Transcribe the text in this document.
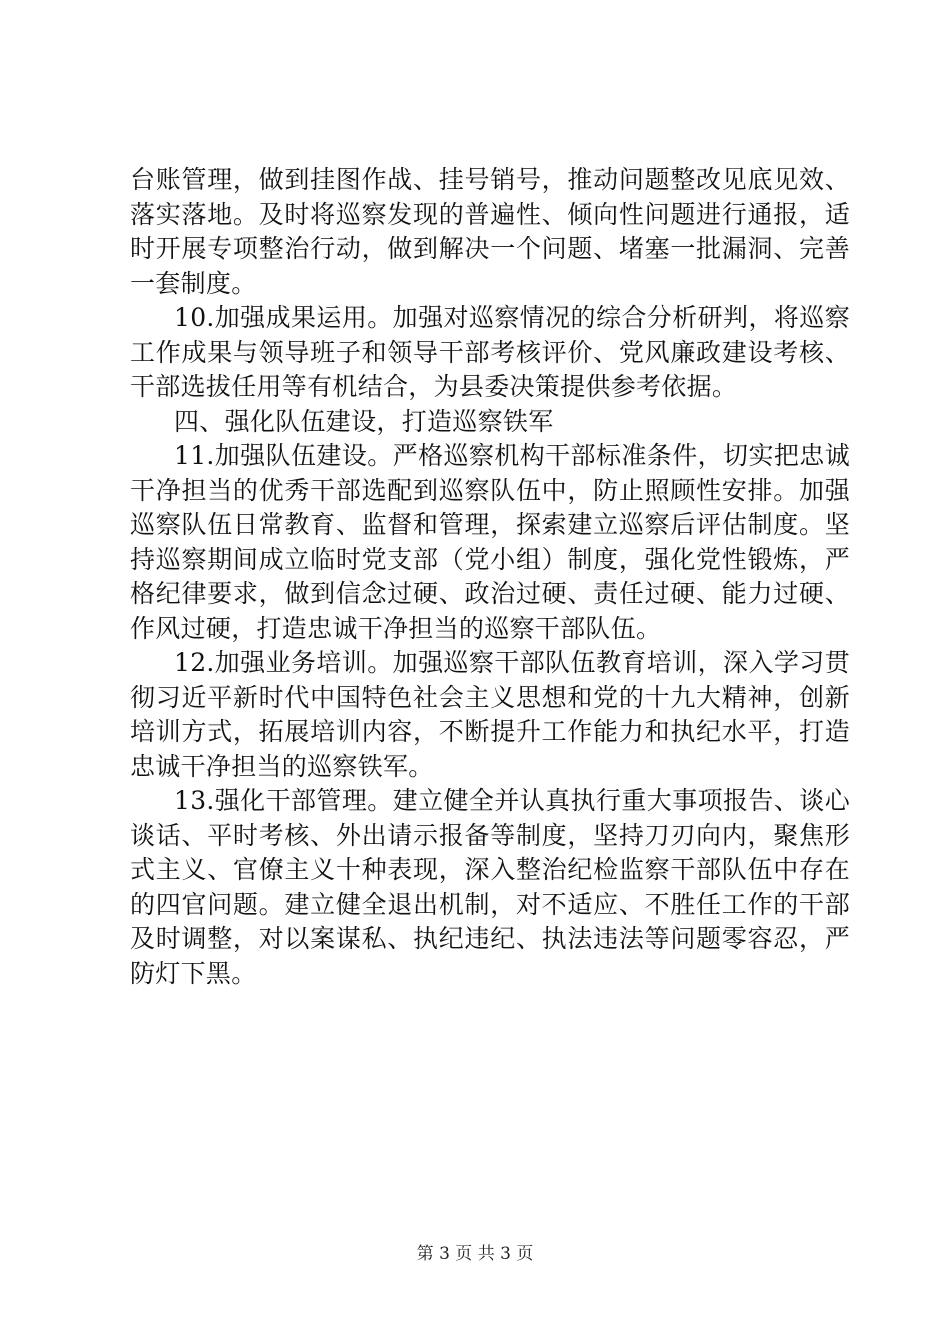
台账管理，做到挂图作战、挂号销号，推动问题整改见底见效、落实落地。及时将巡察发现的普遍性、倾向性问题进行通报，适时开展专项整治行动，做到解决一个问题、堵塞一批漏洞、完善一套制度。

10.加强成果运用。加强对巡察情况的综合分析研判，将巡察工作成果与领导班子和领导干部考核评价、党风廉政建设考核、干部选拔任用等有机结合，为县委决策提供参考依据。

四、强化队伍建设，打造巡察铁军

11.加强队伍建设。严格巡察机构干部标准条件，切实把忠诚干净担当的优秀干部选配到巡察队伍中，防止照顾性安排。加强巡察队伍日常教育、监督和管理，探索建立巡察后评估制度。坚持巡察期间成立临时党支部（党小组）制度，强化党性锻炼，严格纪律要求，做到信念过硬、政治过硬、责任过硬、能力过硬、作风过硬，打造忠诚干净担当的巡察干部队伍。

12.加强业务培训。加强巡察干部队伍教育培训，深入学习贯彻习近平新时代中国特色社会主义思想和党的十九大精神，创新培训方式，拓展培训内容，不断提升工作能力和执纪水平，打造忠诚干净担当的巡察铁军。

13.强化干部管理。建立健全并认真执行重大事项报告、谈心谈话、平时考核、外出请示报备等制度，坚持刀刃向内，聚焦形式主义、官僚主义十种表现，深入整治纪检监察干部队伍中存在的四官问题。建立健全退出机制，对不适应、不胜任工作的干部及时调整，对以案谋私、执纪违纪、执法违法等问题零容忍，严防灯下黑。

第 3 页 共 3 页
